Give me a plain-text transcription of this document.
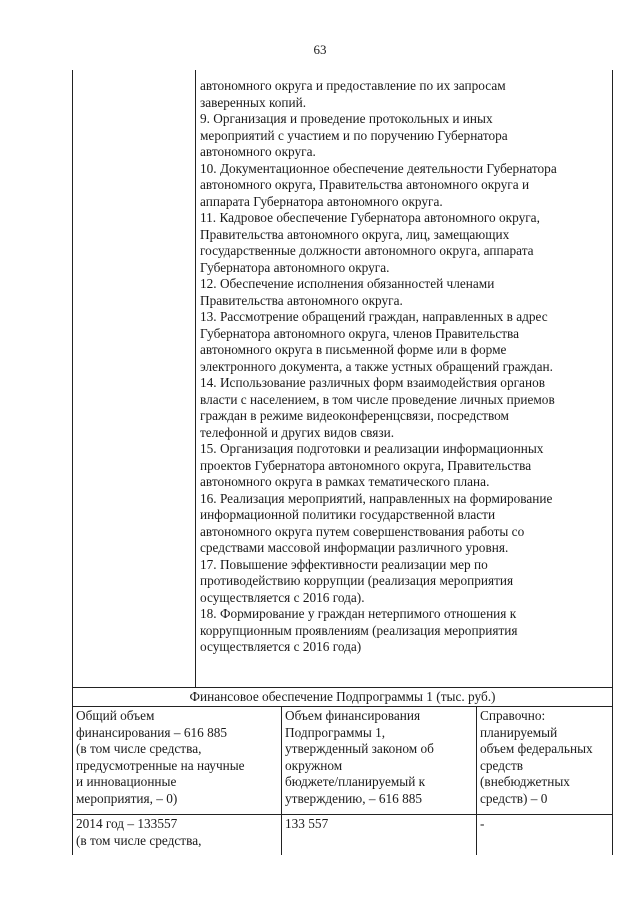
63
автономного округа и предоставление по их запросам
заверенных копий.
9. Организация и проведение протокольных и иных
мероприятий с участием и по поручению Губернатора
автономного округа.
10. Документационное обеспечение деятельности Губернатора
автономного округа, Правительства автономного округа и
аппарата Губернатора автономного округа.
11. Кадровое обеспечение Губернатора автономного округа,
Правительства автономного округа, лиц, замещающих
государственные должности автономного округа, аппарата
Губернатора автономного округа.
12. Обеспечение исполнения обязанностей членами
Правительства автономного округа.
13. Рассмотрение обращений граждан, направленных в адрес
Губернатора автономного округа, членов Правительства
автономного округа в письменной форме или в форме
электронного документа, а также устных обращений граждан.
14. Использование различных форм взаимодействия органов
власти с населением, в том числе проведение личных приемов
граждан в режиме видеоконференцсвязи, посредством
телефонной и других видов связи.
15. Организация подготовки и реализации информационных
проектов Губернатора автономного округа, Правительства
автономного округа в рамках тематического плана.
16. Реализация мероприятий, направленных на формирование
информационной политики государственной власти
автономного округа путем совершенствования работы со
средствами массовой информации различного уровня.
17. Повышение эффективности реализации мер по
противодействию коррупции (реализация мероприятия
осуществляется с 2016 года).
18. Формирование у граждан нетерпимого отношения к
коррупционным проявлениям (реализация мероприятия
осуществляется с 2016 года)
Финансовое обеспечение Подпрограммы 1 (тыс. руб.)
Общий объем
финансирования – 616 885
(в том числе средства,
предусмотренные на научные
и инновационные
мероприятия, – 0)
Объем финансирования
Подпрограммы 1,
утвержденный законом об
окружном
бюджете/планируемый к
утверждению, – 616 885
Справочно:
планируемый
объем федеральных
средств
(внебюджетных
средств) – 0
2014 год – 133557
(в том числе средства,
133 557	-
